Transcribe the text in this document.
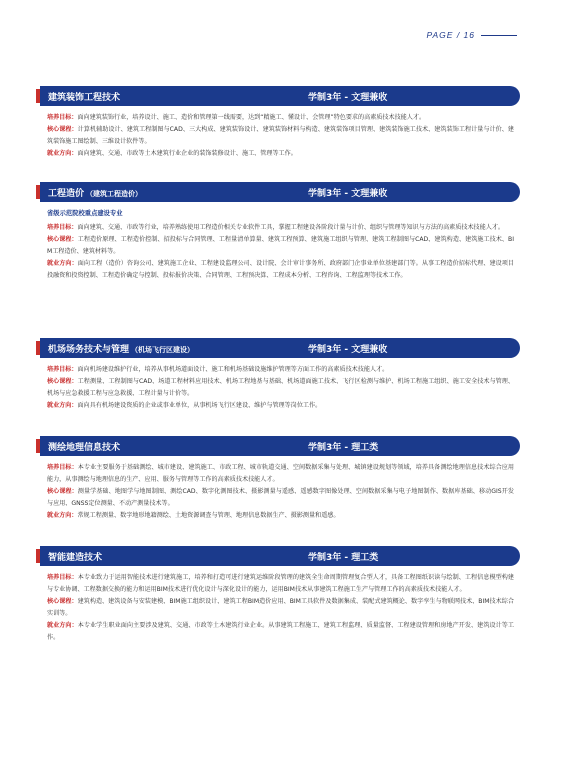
PAGE / 16
建筑装饰工程技术	学制3年 - 文理兼收

培养目标：面向建筑装饰行业，培养设计、施工、造价和管理第一线需要，达到“精施工、懂设计、会管理”特色要求的高素质技术技能人才。

核心课程：计算机辅助设计、建筑工程制图与CAD、三大构成、建筑装饰设计、建筑装饰材料与构造、建筑装饰项目管理、建筑装饰施工技术、建筑装饰工程计量与计价、建筑装饰施工图绘制、三维设计软件等。

就业方向：面向建筑、交通、市政等土木建筑行业企业的装饰装修设计、施工、管理等工作。

工程造价 （建筑工程造价）	学制3年 - 文理兼收

省级示范院校重点建设专业

培养目标：面向建筑、交通、市政等行业，培养熟练使用工程造价相关专业软件工具，掌握工程建设各阶段计量与计价、组织与管理等知识与方法的高素质技术技能人才。

核心课程：工程造价原理、工程造价控制、招投标与合同管理、工程量清单算量、建筑工程预算、建筑施工组织与管理、建筑工程制图与CAD、建筑构造、建筑施工技术、BIM工程造价、建筑材料等。

就业方向：面向工程（造价）咨询公司、建筑施工企业、工程建设监理公司、设计院、会计审计事务所、政府部门企事业单位基建部门等。从事工程造价招标代理、建设项目投融资和投资控制、工程造价确定与控制、投标报价决策、合同管理、工程预决算、工程成本分析、工程咨询、工程监理等技术工作。

机场场务技术与管理 （机场飞行区建设）	学制3年 - 文理兼收

培养目标：面向机场建设维护行业，培养从事机场道面设计、施工和机场基础设施维护管理等方面工作的高素质技术技能人才。

核心课程：工程测量、工程制图与CAD、场道工程材料应用技术、机场工程地基与基础、机场道面施工技术、飞行区检测与维护、机场工程施工组织、施工安全技术与管理、机场与应急救援工程与应急救援、工程计量与计价等。

就业方向：面向具有机场建设资质的企业或事业单位，从事机场飞行区建设、维护与管理等岗位工作。

测绘地理信息技术	学制3年 - 理工类

培养目标：本专业主要服务于基础测绘、城市建设、建筑施工、市政工程、城市轨道交通、空间数据采集与处理、城镇建设规划等领域，培养具备测绘地理信息技术综合应用能力，从事测绘与地理信息的生产、应用、服务与管理等工作的高素质技术技能人才。

核心课程：测量学基础、地图学与地图制图、测绘CAD、数字化测图技术、摄影测量与遥感、遥感数字图像处理、空间数据采集与电子地图制作、数据库基础、移动GIS开发与应用、GNSS定位测量、不动产测量技术等。

就业方向：常规工程测量、数字地形地籍测绘、土地资源调查与管理、地理信息数据生产、摄影测量和遥感。

智能建造技术	学制3年 - 理工类

培养目标：本专业致力于运用智能技术进行建筑施工，培养和打造可进行建筑运维阶段管理的建筑全生命周期管理复合型人才，具备工程图纸识读与绘制、工程信息模型构建与专业协调、工程数据交换的能力和运用BIM技术进行优化设计与深化设计的能力，运用BIM技术从事建筑工程施工生产与管理工作的高素质技术技能人才。

核心课程：建筑构造、建筑设备与安装建模、BIM施工组织设计、建筑工程BIM造价应用、BIM工具软件及数据集成、装配式建筑概论、数字孪生与物联网技术、BIM技术综合实训等。

就业方向：本专业学生职业面向主要涉及建筑、交通、市政等土木建筑行业企业。从事建筑工程施工、建筑工程监理、质量监督、工程建设管理和房地产开发、建筑设计等工作。
